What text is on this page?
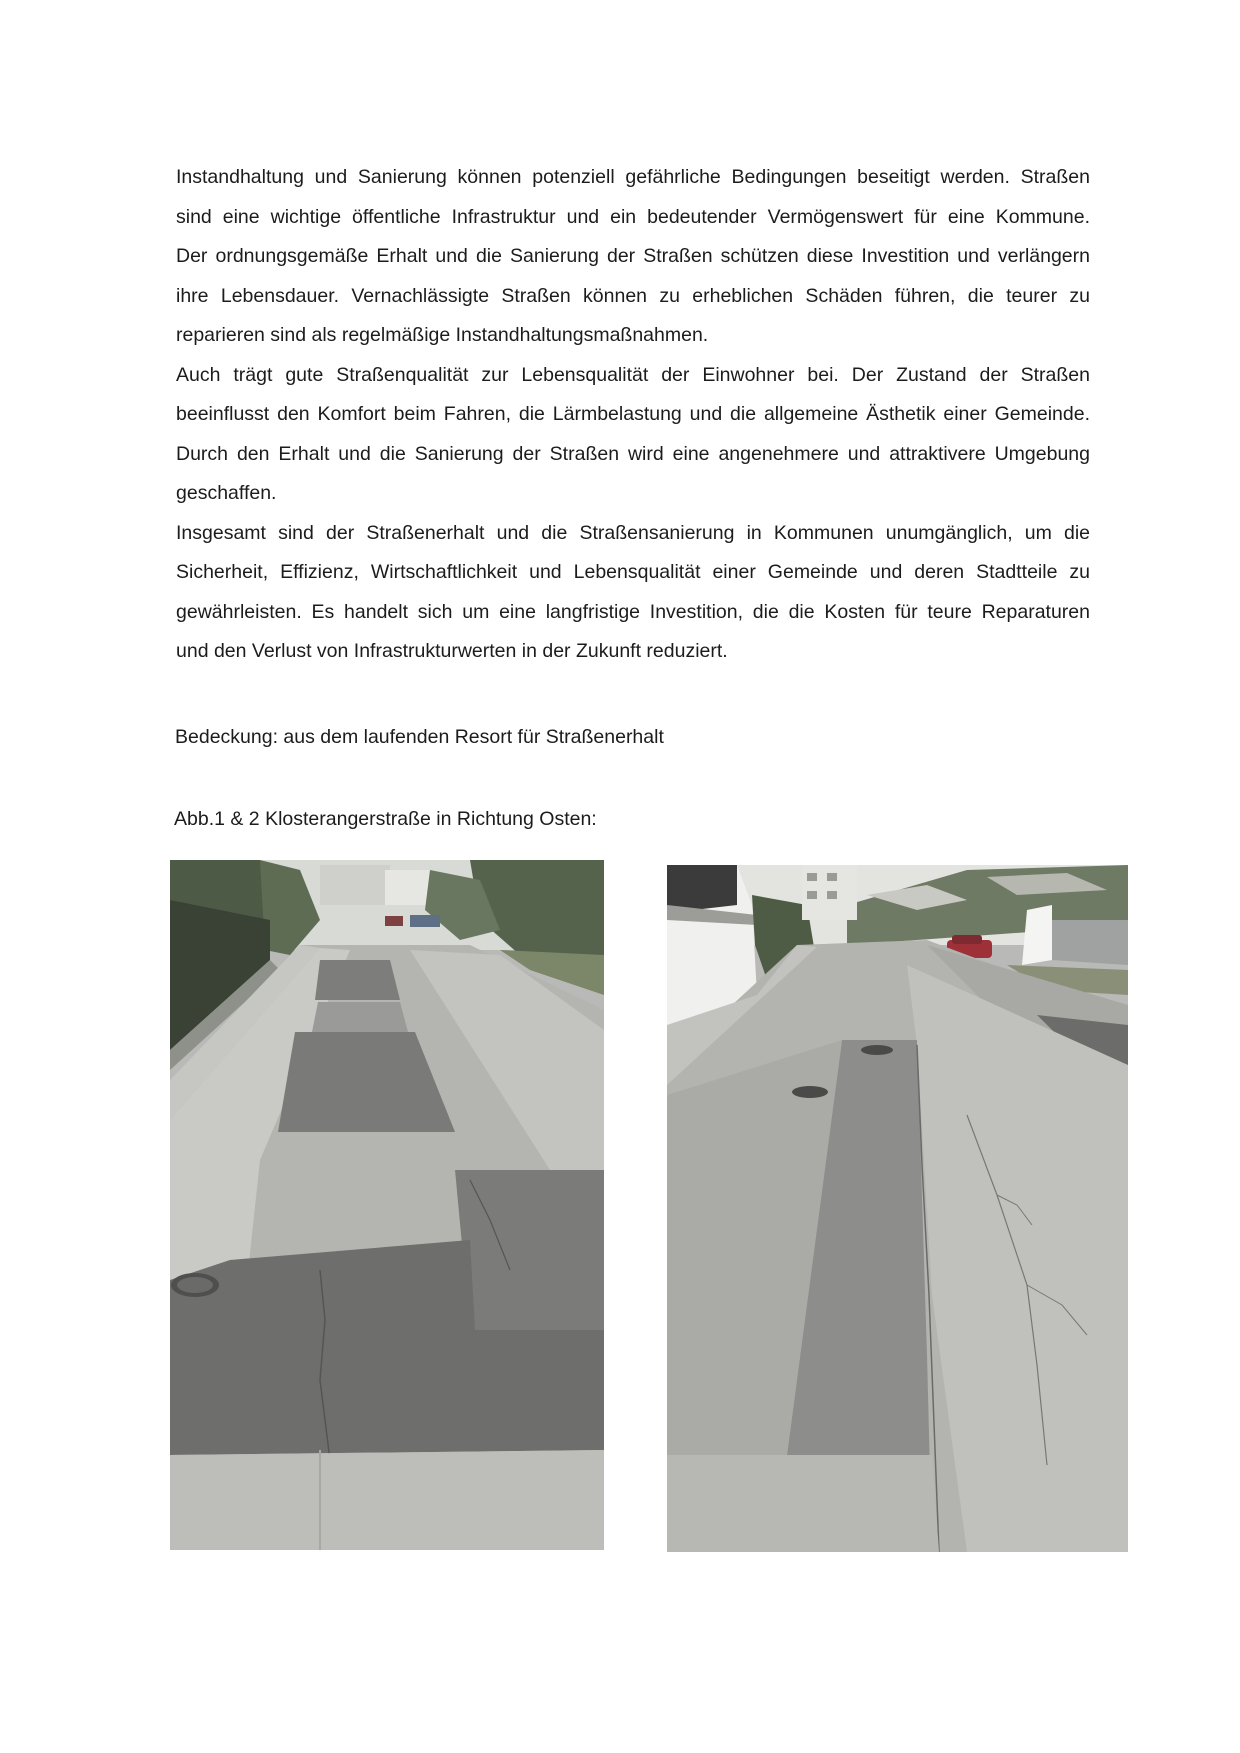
Instandhaltung und Sanierung können potenziell gefährliche Bedingungen beseitigt werden. Straßen
sind eine wichtige öffentliche Infrastruktur und ein bedeutender Vermögenswert für eine Kommune.
Der ordnungsgemäße Erhalt und die Sanierung der Straßen schützen diese Investition und verlängern
ihre Lebensdauer. Vernachlässigte Straßen können zu erheblichen Schäden führen, die teurer zu
reparieren sind als regelmäßige Instandhaltungsmaßnahmen.
Auch trägt gute Straßenqualität zur Lebensqualität der Einwohner bei. Der Zustand der Straßen
beeinflusst den Komfort beim Fahren, die Lärmbelastung und die allgemeine Ästhetik einer Gemeinde.
Durch den Erhalt und die Sanierung der Straßen wird eine angenehmere und attraktivere Umgebung
geschaffen.
Insgesamt sind der Straßenerhalt und die Straßensanierung in Kommunen unumgänglich, um die
Sicherheit, Effizienz, Wirtschaftlichkeit und Lebensqualität einer Gemeinde und deren Stadtteile zu
gewährleisten. Es handelt sich um eine langfristige Investition, die die Kosten für teure Reparaturen
und den Verlust von Infrastrukturwerten in der Zukunft reduziert.

Bedeckung: aus dem laufenden Resort für Straßenerhalt

Abb.1 & 2 Klosterangerstraße in Richtung Osten:
